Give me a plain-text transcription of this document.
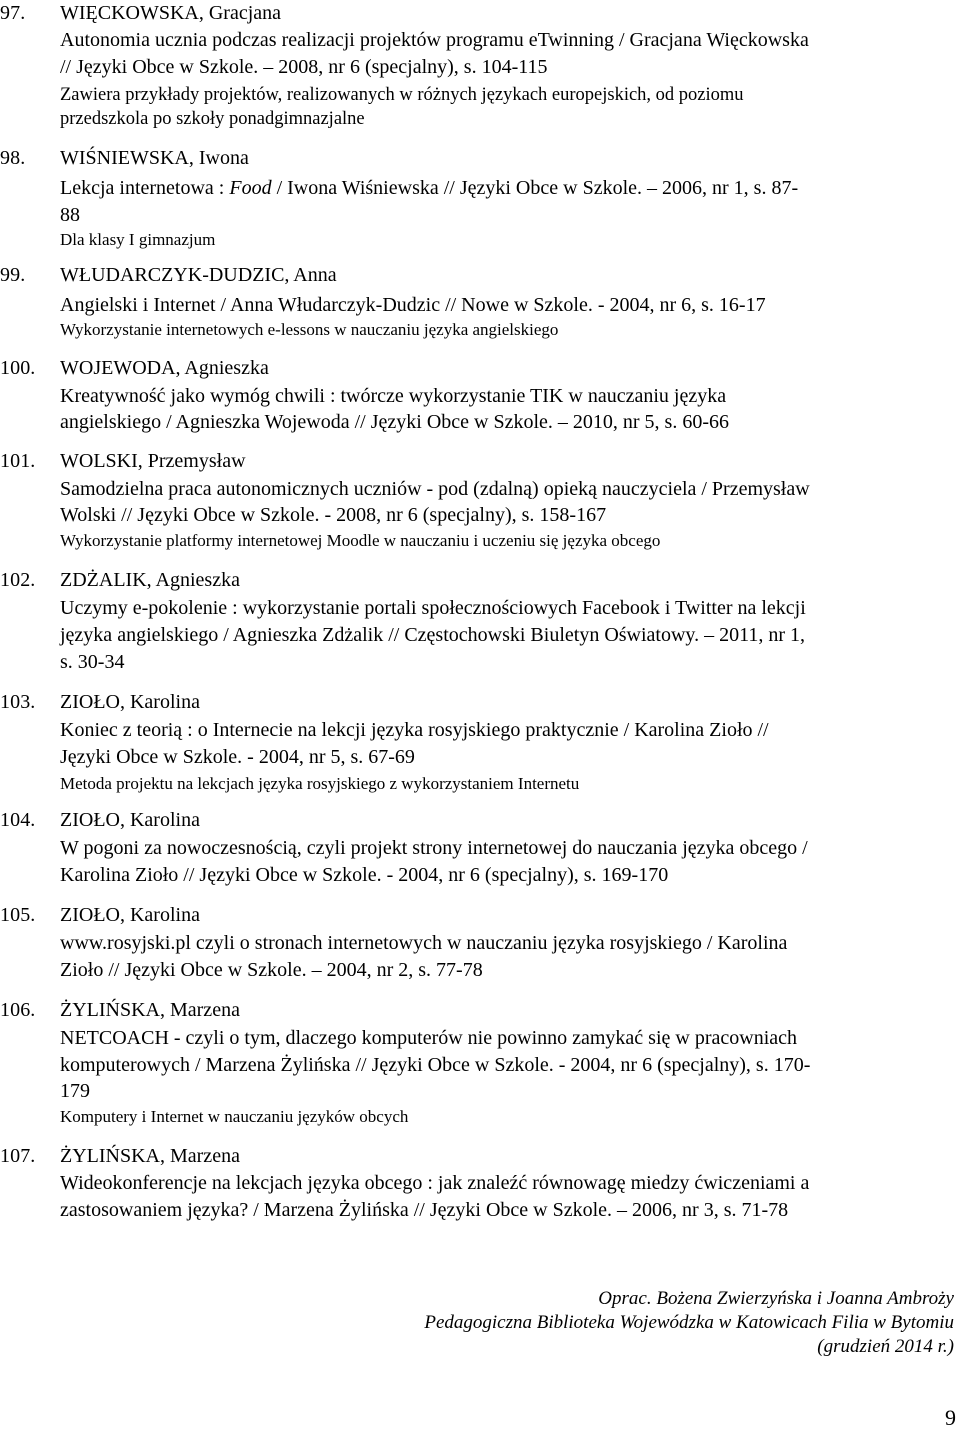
97. WIĘCKOWSKA, Gracjana
Autonomia ucznia podczas realizacji projektów programu eTwinning / Gracjana Więckowska
// Języki Obce w Szkole. – 2008, nr 6 (specjalny), s. 104-115
Zawiera przykłady projektów, realizowanych w różnych językach europejskich, od poziomu
przedszkola po szkoły ponadgimnazjalne
98. WIŚNIEWSKA, Iwona
Lekcja internetowa : Food / Iwona Wiśniewska // Języki Obce w Szkole. – 2006, nr 1, s. 87-
88
Dla klasy I gimnazjum
99. WŁUDARCZYK-DUDZIC, Anna
Angielski i Internet / Anna Włudarczyk-Dudzic // Nowe w Szkole. - 2004, nr 6, s. 16-17
Wykorzystanie internetowych e-lessons w nauczaniu języka angielskiego
100. WOJEWODA, Agnieszka
Kreatywność jako wymóg chwili : twórcze wykorzystanie TIK w nauczaniu języka
angielskiego / Agnieszka Wojewoda // Języki Obce w Szkole. – 2010, nr 5, s. 60-66
101. WOLSKI, Przemysław
Samodzielna praca autonomicznych uczniów - pod (zdalną) opieką nauczyciela / Przemysław
Wolski // Języki Obce w Szkole. - 2008, nr 6 (specjalny), s. 158-167
Wykorzystanie platformy internetowej Moodle w nauczaniu i uczeniu się języka obcego
102. ZDŻALIK, Agnieszka
Uczymy e-pokolenie : wykorzystanie portali społecznościowych Facebook i Twitter na lekcji
języka angielskiego / Agnieszka Zdżalik // Częstochowski Biuletyn Oświatowy. – 2011, nr 1,
s. 30-34
103. ZIOŁO, Karolina
Koniec z teorią : o Internecie na lekcji języka rosyjskiego praktycznie / Karolina Zioło //
Języki Obce w Szkole. - 2004, nr 5, s. 67-69
Metoda projektu na lekcjach języka rosyjskiego z wykorzystaniem Internetu
104. ZIOŁO, Karolina
W pogoni za nowoczesnością, czyli projekt strony internetowej do nauczania języka obcego /
Karolina Zioło // Języki Obce w Szkole. - 2004, nr 6 (specjalny), s. 169-170
105. ZIOŁO, Karolina
www.rosyjski.pl czyli o stronach internetowych w nauczaniu języka rosyjskiego / Karolina
Zioło // Języki Obce w Szkole. – 2004, nr 2, s. 77-78
106. ŻYLIŃSKA, Marzena
NETCOACH - czyli o tym, dlaczego komputerów nie powinno zamykać się w pracowniach
komputerowych / Marzena Żylińska // Języki Obce w Szkole. - 2004, nr 6 (specjalny), s. 170-
179
Komputery i Internet w nauczaniu języków obcych
107. ŻYLIŃSKA, Marzena
Wideokonferencje na lekcjach języka obcego : jak znaleźć równowagę miedzy ćwiczeniami a
zastosowaniem języka? / Marzena Żylińska // Języki Obce w Szkole. – 2006, nr 3, s. 71-78
Oprac. Bożena Zwierzyńska i Joanna Ambroży
Pedagogiczna Biblioteka Wojewódzka w Katowicach Filia w Bytomiu
(grudzień 2014 r.)
9
